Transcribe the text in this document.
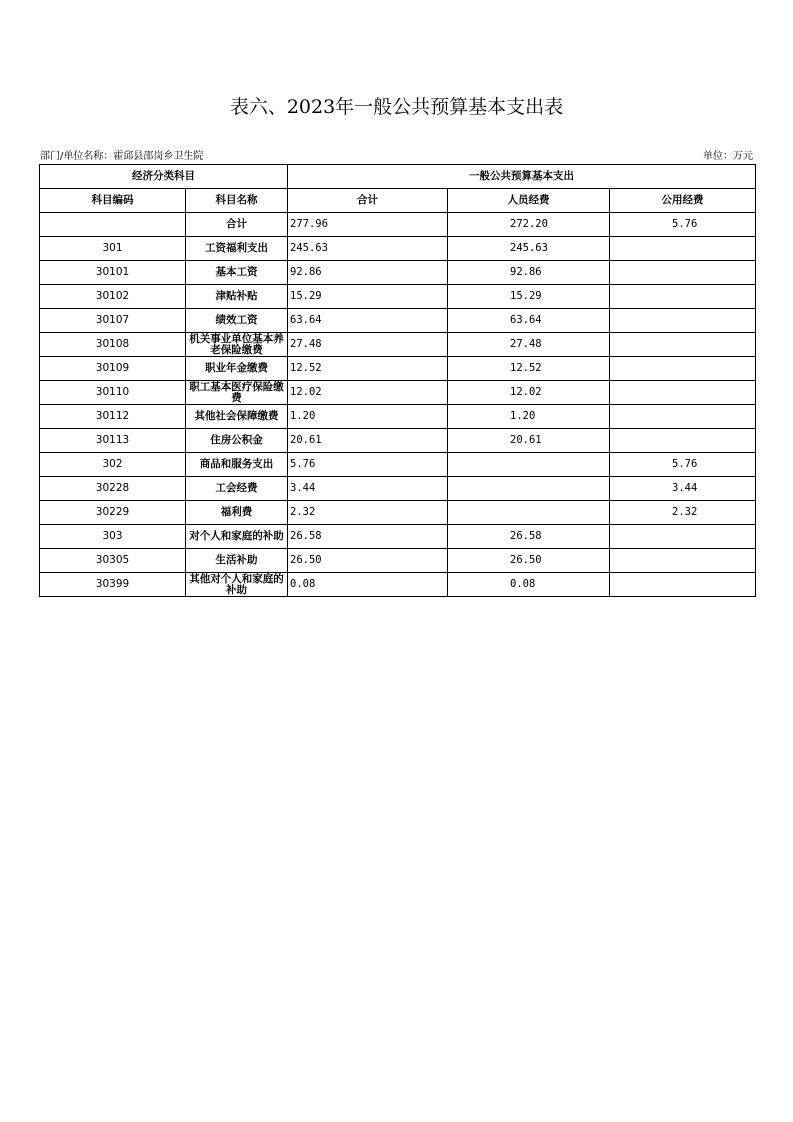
表六、2023年一般公共预算基本支出表
部门/单位名称：霍邱县邵岗乡卫生院	单位：万元
经济分类科目		一般公共预算基本支出		
科目编码	科目名称	合计	人员经费	公用经费
	合计	277.96	272.20	5.76
301	工资福利支出	245.63	245.63	
30101	基本工资	92.86	92.86	
30102	津贴补贴	15.29	15.29	
30107	绩效工资	63.64	63.64	
30108	机关事业单位基本养老保险缴费	27.48	27.48	
30109	职业年金缴费	12.52	12.52	
30110	职工基本医疗保险缴费	12.02	12.02	
30112	其他社会保障缴费	1.20	1.20	
30113	住房公积金	20.61	20.61	
302	商品和服务支出	5.76		5.76
30228	工会经费	3.44		3.44
30229	福利费	2.32		2.32
303	对个人和家庭的补助	26.58	26.58	
30305	生活补助	26.50	26.50	
30399	其他对个人和家庭的补助	0.08	0.08	
